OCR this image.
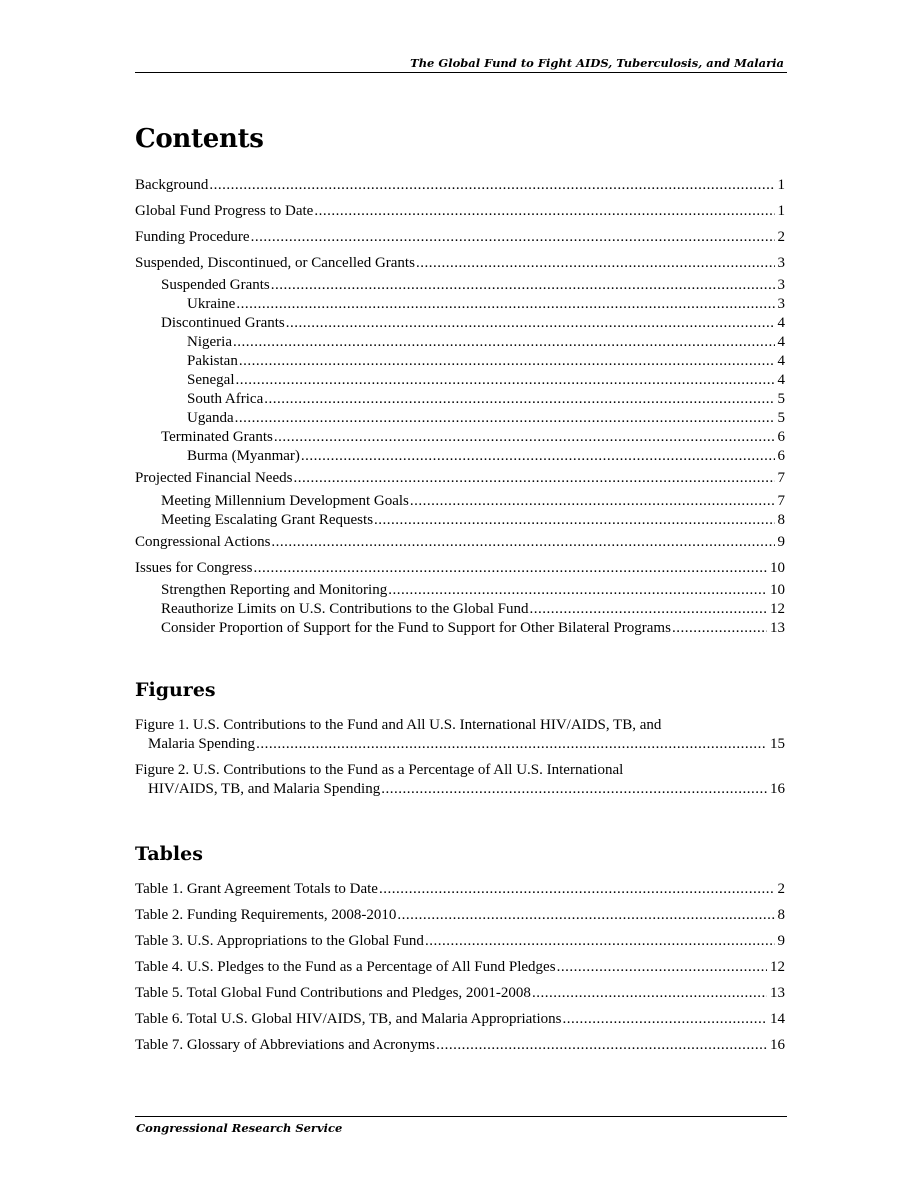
The Global Fund to Fight AIDS, Tuberculosis, and Malaria
Contents
Background .....	1
Global Fund Progress to Date .....	1
Funding Procedure .....	2
Suspended, Discontinued, or Cancelled Grants .....	3
Suspended Grants .....	3
Ukraine .....	3
Discontinued Grants .....	4
Nigeria .....	4
Pakistan .....	4
Senegal .....	4
South Africa .....	5
Uganda .....	5
Terminated Grants .....	6
Burma (Myanmar) .....	6
Projected Financial Needs .....	7
Meeting Millennium Development Goals .....	7
Meeting Escalating Grant Requests .....	8
Congressional Actions .....	9
Issues for Congress .....	10
Strengthen Reporting and Monitoring .....	10
Reauthorize Limits on U.S. Contributions to the Global Fund .....	12
Consider Proportion of Support for the Fund to Support for Other Bilateral Programs .....	13
Figures
Figure 1. U.S. Contributions to the Fund and All U.S. International HIV/AIDS, TB, and
Malaria Spending .....	15
Figure 2. U.S. Contributions to the Fund as a Percentage of All U.S. International
HIV/AIDS, TB, and Malaria Spending .....	16
Tables
Table 1. Grant Agreement Totals to Date .....	2
Table 2. Funding Requirements, 2008-2010 .....	8
Table 3. U.S. Appropriations to the Global Fund .....	9
Table 4. U.S. Pledges to the Fund as a Percentage of All Fund Pledges .....	12
Table 5. Total Global Fund Contributions and Pledges, 2001-2008 .....	13
Table 6. Total U.S. Global HIV/AIDS, TB, and Malaria Appropriations .....	14
Table 7. Glossary of Abbreviations and Acronyms .....	16
Congressional Research Service
